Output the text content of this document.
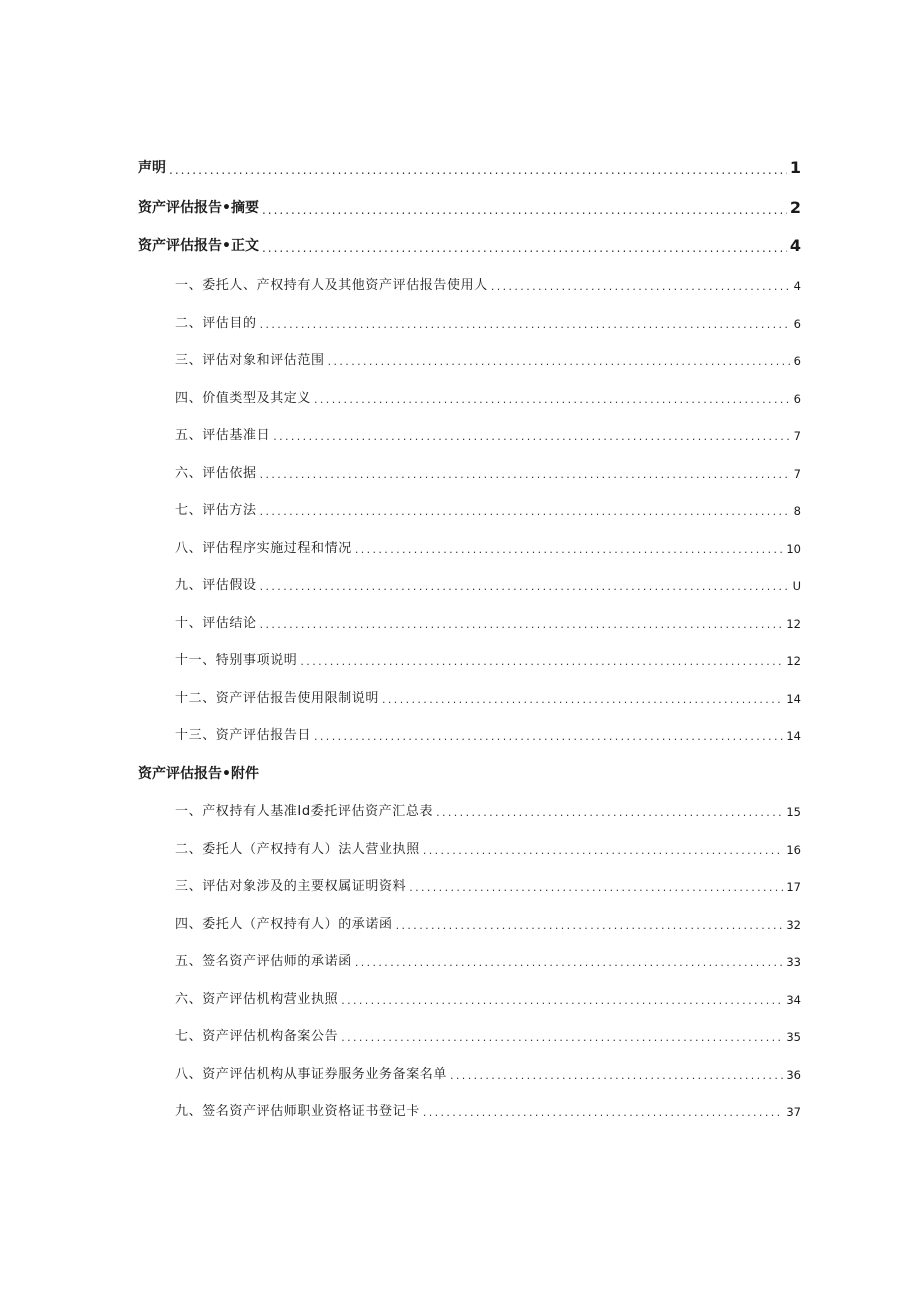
声明 .....	1
资产评估报告•摘要 .....	2
资产评估报告•正文 .....	4
一、委托人、产权持有人及其他资产评估报告使用人 .....	4
二、评估目的 .....	6
三、评估对象和评估范围 .....	6
四、价值类型及其定义 .....	6
五、评估基准日 .....	7
六、评估依据 .....	7
七、评估方法 .....	8
八、评估程序实施过程和情况 .....	10
九、评估假设 .....	U
十、评估结论 .....	12
十一、特别事项说明 .....	12
十二、资产评估报告使用限制说明 .....	14
十三、资产评估报告日 .....	14
资产评估报告•附件
一、产权持有人基准Id委托评估资产汇总表 .....	15
二、委托人（产权持有人）法人营业执照 .....	16
三、评估对象涉及的主要权属证明资料 .....	17
四、委托人（产权持有人）的承诺函 .....	32
五、签名资产评估师的承诺函 .....	33
六、资产评估机构营业执照 .....	34
七、资产评估机构备案公告 .....	35
八、资产评估机构从事证券服务业务备案名单 .....	36
九、签名资产评估师职业资格证书登记卡 .....	37
